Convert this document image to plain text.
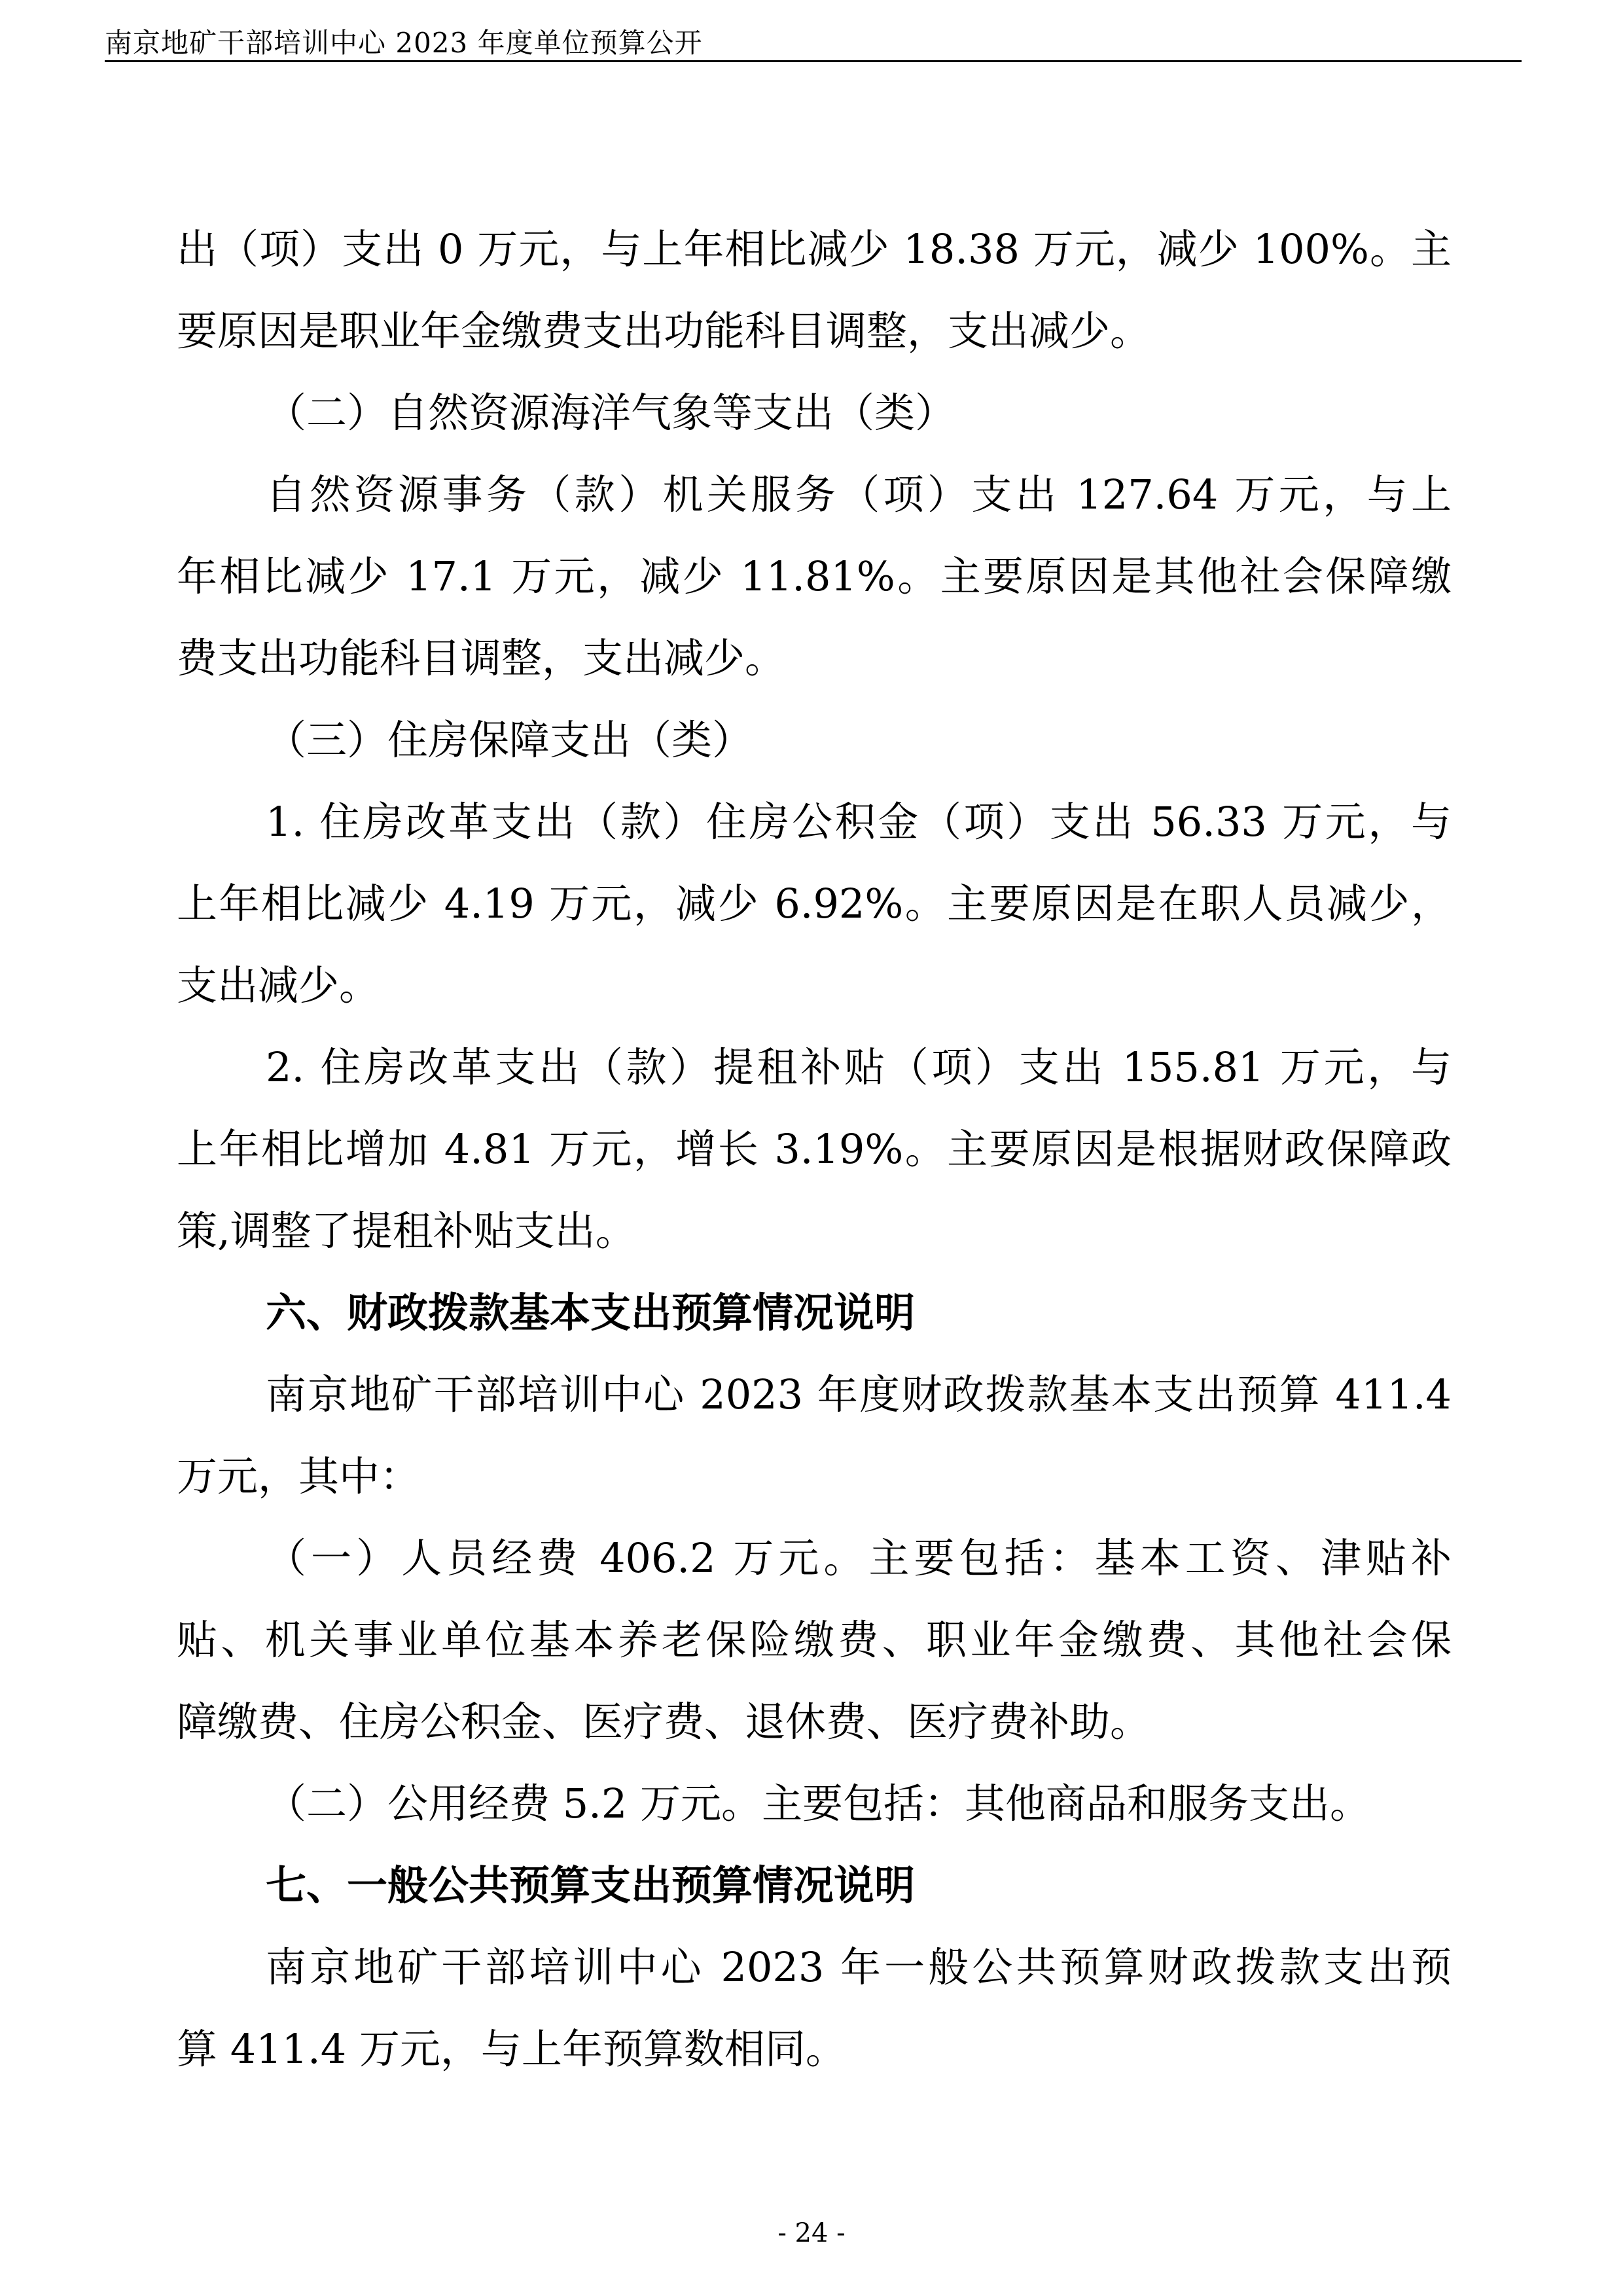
南京地矿干部培训中心 2023 年度单位预算公开
出（项）支出 0 万元，与上年相比减少 18.38 万元，减少 100%。主
要原因是职业年金缴费支出功能科目调整，支出减少。
（二）自然资源海洋气象等支出（类）
自然资源事务（款）机关服务（项）支出 127.64 万元，与上
年相比减少 17.1 万元，减少 11.81%。主要原因是其他社会保障缴
费支出功能科目调整，支出减少。
（三）住房保障支出（类）
1. 住房改革支出（款）住房公积金（项）支出 56.33 万元，与
上年相比减少 4.19 万元，减少 6.92%。主要原因是在职人员减少，
支出减少。
2. 住房改革支出（款）提租补贴（项）支出 155.81 万元，与
上年相比增加 4.81 万元，增长 3.19%。主要原因是根据财政保障政
策,调整了提租补贴支出。
六、财政拨款基本支出预算情况说明
南京地矿干部培训中心 2023 年度财政拨款基本支出预算 411.4
万元，其中：
（一）人员经费 406.2 万元。主要包括：基本工资、津贴补
贴、机关事业单位基本养老保险缴费、职业年金缴费、其他社会保
障缴费、住房公积金、医疗费、退休费、医疗费补助。
（二）公用经费 5.2 万元。主要包括：其他商品和服务支出。
七、一般公共预算支出预算情况说明
南京地矿干部培训中心 2023 年一般公共预算财政拨款支出预
算 411.4 万元，与上年预算数相同。
- 24 -
